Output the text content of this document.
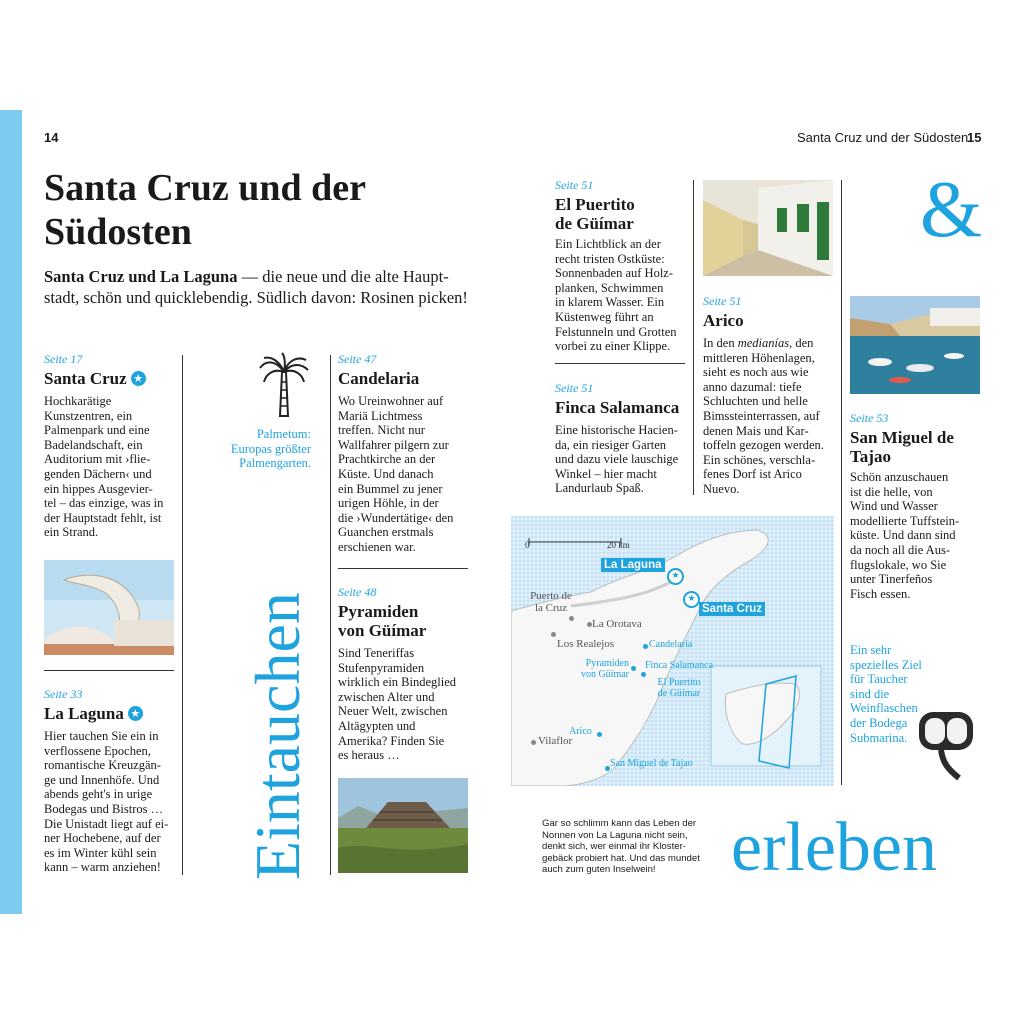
14	Santa Cruz und der Südosten
15
Santa Cruz und der
Südosten
Santa Cruz und La Laguna — die neue und die alte Haupt-
stadt, schön und quicklebendig. Südlich davon: Rosinen picken!
Seite 17
Santa Cruz ★
Hochkarätige
Kunstzentren, ein
Palmenpark und eine
Badelandschaft, ein
Auditorium mit ›flie-
genden Dächern‹ und
ein hippes Ausgevier-
tel – das einzige, was in
der Hauptstadt fehlt, ist
ein Strand.
Seite 33
La Laguna ★
Hier tauchen Sie ein in
verflossene Epochen,
romantische Kreuzgän-
ge und Innenhöfe. Und
abends geht's in urige
Bodegas und Bistros …
Die Unistadt liegt auf ei-
ner Hochebene, auf der
es im Winter kühl sein
kann – warm anziehen!
Palmetum:
Europas größter
Palmengarten.
Eintauchen
Seite 47
Candelaria
Wo Ureinwohner auf
Mariä Lichtmess
treffen. Nicht nur
Wallfahrer pilgern zur
Prachtkirche an der
Küste. Und danach
ein Bummel zu jener
urigen Höhle, in der
die ›Wundertätige‹ den
Guanchen erstmals
erschienen war.
Seite 48
Pyramiden
von Güímar
Sind Teneriffas
Stufenpyramiden
wirklich ein Bindeglied
zwischen Alter und
Neuer Welt, zwischen
Altägypten und
Amerika? Finden Sie
es heraus …
Seite 51
El Puertito
de Güímar
Ein Lichtblick an der
recht tristen Ostküste:
Sonnenbaden auf Holz-
planken, Schwimmen
in klarem Wasser. Ein
Küstenweg führt an
Felstunneln und Grotten
vorbei zu einer Klippe.
Seite 51
Finca Salamanca
Eine historische Hacien-
da, ein riesiger Garten
und dazu viele lauschige
Winkel – hier macht
Landurlaub Spaß.
Seite 51
Arico
In den medianías, den
mittleren Höhenlagen,
sieht es noch aus wie
anno dazumal: tiefe
Schluchten und helle
Bimssteinterrassen, auf
denen Mais und Kar-
toffeln gezogen werden.
Ein schönes, verschla-
fenes Dorf ist Arico
Nuevo.
&
Seite 53
San Miguel de
Tajao
Schön anzuschauen
ist die helle, von
Wind und Wasser
modellierte Tuffstein-
küste. Und dann sind
da noch all die Aus-
flugslokale, wo Sie
unter Tinerfeños
Fisch essen.
Ein sehr
spezielles Ziel
für Taucher
sind die
Weinflaschen
der Bodega
Submarina.
0	20 km
La Laguna
★
★
Santa Cruz
Puerto de
la Cruz
La Orotava
Los Realejos	Candelaria
Pyramiden
von Güímar
Finca Salamanca
El Puertito
de Güímar
Arico
Vilaflor
San Miguel de Tajao
Gar so schlimm kann das Leben der
Nonnen von La Laguna nicht sein,
denkt sich, wer einmal ihr Kloster-
gebäck probiert hat. Und das mundet
auch zum guten Inselwein!	erleben
